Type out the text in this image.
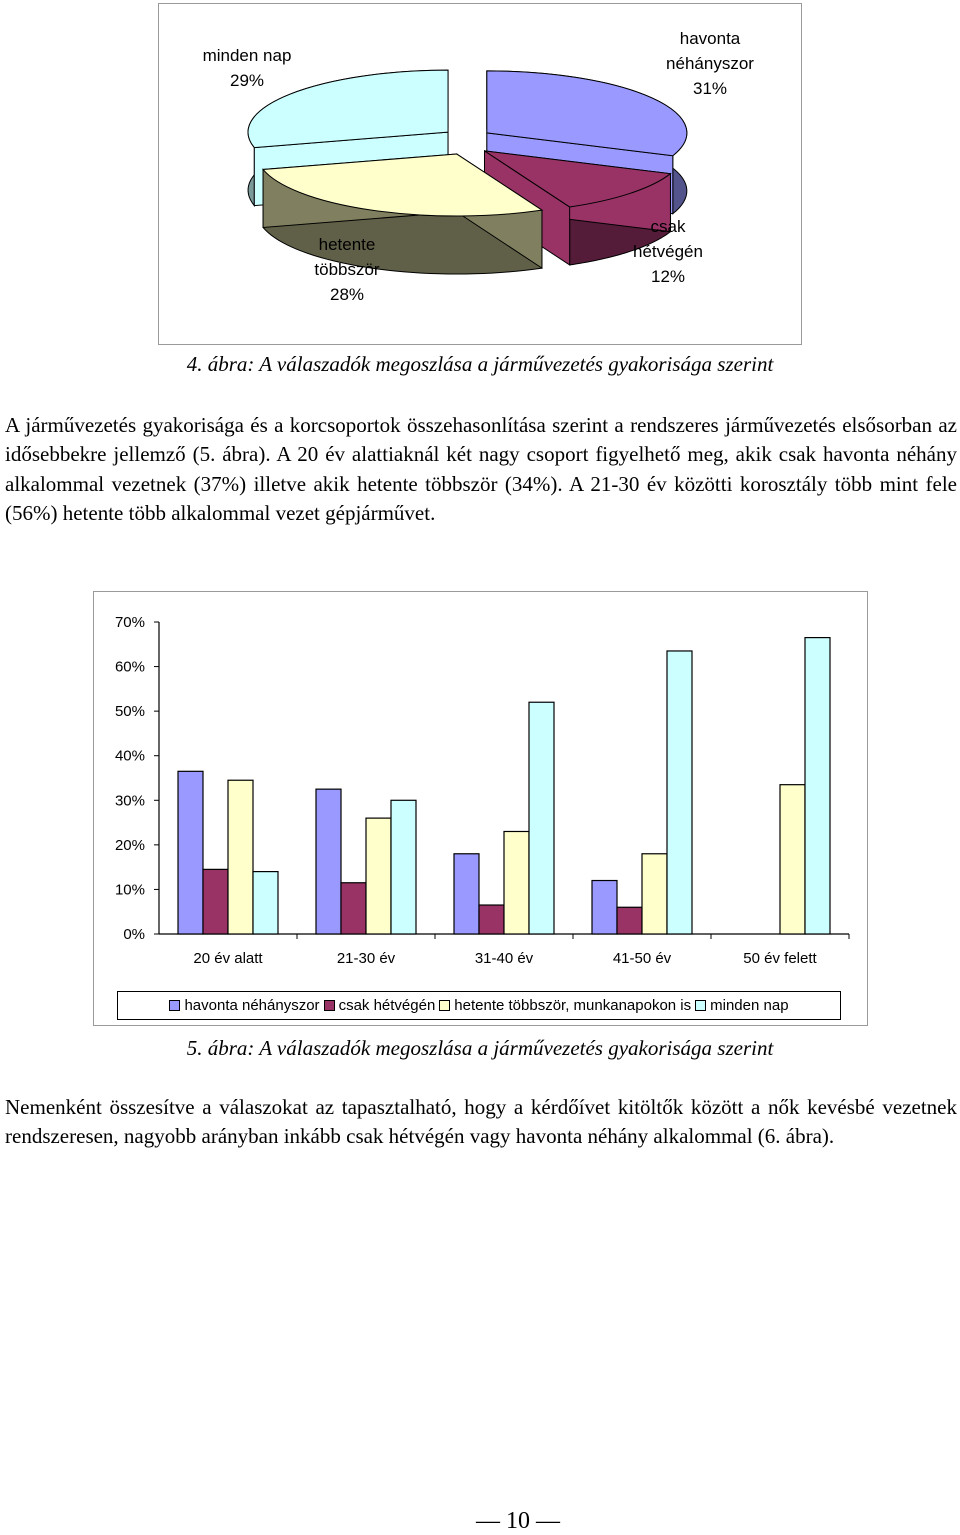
havonta néhányszor 31%
csak hétvégén 12%
hetente többször 28%
minden nap 29%
4. ábra: A válaszadók megoszlása a járművezetés gyakorisága szerint

A járművezetés gyakorisága és a korcsoportok összehasonlítása szerint a rendszeres járművezetés elsősorban az idősebbekre jellemző (5. ábra). A 20 év alattiaknál két nagy csoport figyelhető meg, akik csak havonta néhány alkalommal vezetnek (37%) illetve akik hetente többször (34%). A 21-30 év közötti korosztály több mint fele (56%) hetente több alkalommal vezet gépjárművet.

0%
10%
20%
30%
40%
50%
60%
70%
20 év alatt	21-30 év	31-40 év	41-50 év	50 év felett
havonta néhányszor csak hétvégén hetente többször, munkanapokon is minden nap
5. ábra: A válaszadók megoszlása a járművezetés gyakorisága szerint

Nemenként összesítve a válaszokat az tapasztalható, hogy a kérdőívet kitöltők között a nők kevésbé vezetnek rendszeresen, nagyobb arányban inkább csak hétvégén vagy havonta néhány alkalommal (6. ábra).

— 10 —
